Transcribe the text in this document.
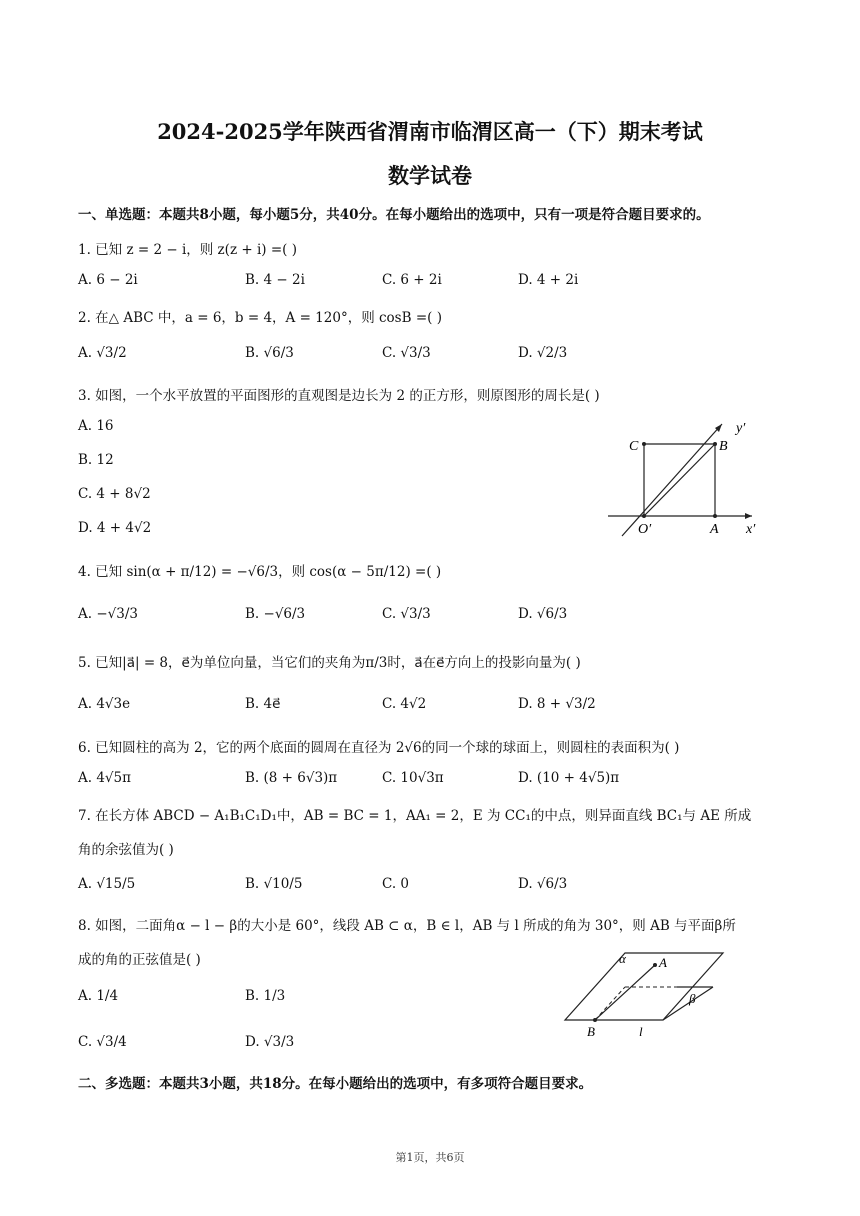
2024-2025学年陕西省渭南市临渭区高一（下）期末考试
数学试卷
一、单选题：本题共8小题，每小题5分，共40分。在每小题给出的选项中，只有一项是符合题目要求的。
1. 已知 z = 2 − i，则 z(z + i) =( )
A. 6 − 2i	B. 4 − 2i	C. 6 + 2i	D. 4 + 2i
2. 在△ ABC 中，a = 6，b = 4，A = 120°，则 cosB =( )
A. √3/2	B. √6/3	C. √3/3	D. √2/3
3. 如图，一个水平放置的平面图形的直观图是边长为 2 的正方形，则原图形的周长是( )
A. 16
B. 12
C. 4 + 8√2
D. 4 + 4√2
C	B
y′
O′	A x′
4. 已知 sin(α + π/12) = −√6/3，则 cos(α − 5π/12) =( )
A. −√3/3	B. −√6/3	C. √3/3	D. √6/3
5. 已知|a⃗| = 8，e⃗为单位向量，当它们的夹角为π/3时，a⃗在e⃗方向上的投影向量为( )
A. 4√3e	B. 4e⃗	C. 4√2	D. 8 + √3/2
6. 已知圆柱的高为 2，它的两个底面的圆周在直径为 2√6的同一个球的球面上，则圆柱的表面积为( )
A. 4√5π	B. (8 + 6√3)π	C. 10√3π	D. (10 + 4√5)π
7. 在长方体 ABCD − A₁B₁C₁D₁中，AB = BC = 1，AA₁ = 2，E 为 CC₁的中点，则异面直线 BC₁与 AE 所成
角的余弦值为( )
A. √15/5	B. √10/5	C. 0	D. √6/3
8. 如图，二面角α − l − β的大小是 60°，线段 AB ⊂ α，B ∈ l，AB 与 l 所成的角为 30°，则 AB 与平面β所
成的角的正弦值是( )
A. 1/4	B. 1/3
C. √3/4	D. √3/3
α	A
β
B	l
二、多选题：本题共3小题，共18分。在每小题给出的选项中，有多项符合题目要求。
第1页，共6页
